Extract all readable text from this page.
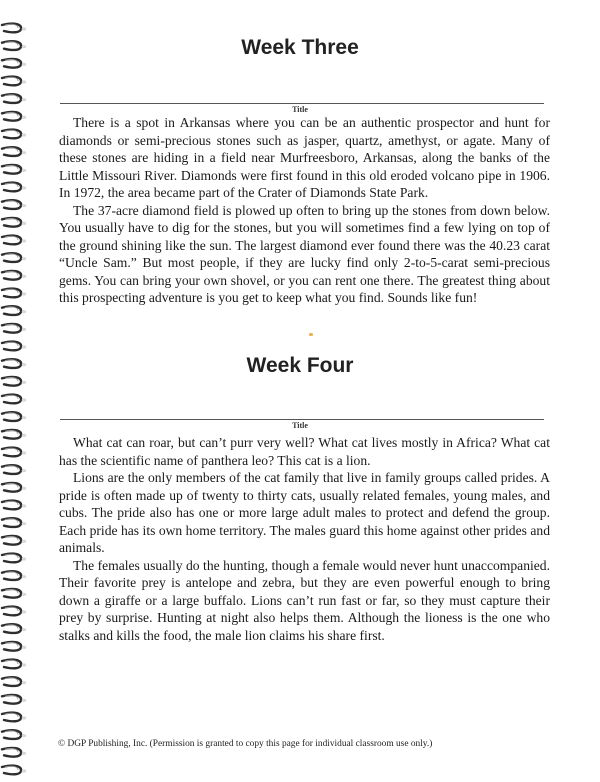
Week Three
Title

There is a spot in Arkansas where you can be an authentic prospector and hunt for diamonds or semi-precious stones such as jasper, quartz, amethyst, or agate. Many of these stones are hiding in a field near Murfreesboro, Arkansas, along the banks of the Little Missouri River. Diamonds were first found in this old eroded volcano pipe in 1906. In 1972, the area became part of the Crater of Diamonds State Park.

The 37-acre diamond field is plowed up often to bring up the stones from down below. You usually have to dig for the stones, but you will sometimes find a few lying on top of the ground shining like the sun. The largest diamond ever found there was the 40.23 carat “Uncle Sam.” But most people, if they are lucky find only 2-to-5-carat semi-precious gems. You can bring your own shovel, or you can rent one there. The greatest thing about this prospecting adventure is you get to keep what you find. Sounds like fun!

Week Four
Title

What cat can roar, but can’t purr very well? What cat lives mostly in Africa? What cat has the scientific name of panthera leo? This cat is a lion.

Lions are the only members of the cat family that live in family groups called prides. A pride is often made up of twenty to thirty cats, usually related females, young males, and cubs. The pride also has one or more large adult males to protect and defend the group. Each pride has its own home territory. The males guard this home against other prides and animals.

The females usually do the hunting, though a female would never hunt unaccompanied. Their favorite prey is antelope and zebra, but they are even powerful enough to bring down a giraffe or a large buffalo. Lions can’t run fast or far, so they must capture their prey by surprise. Hunting at night also helps them. Although the lioness is the one who stalks and kills the food, the male lion claims his share first.

© DGP Publishing, Inc. (Permission is granted to copy this page for individual classroom use only.)
